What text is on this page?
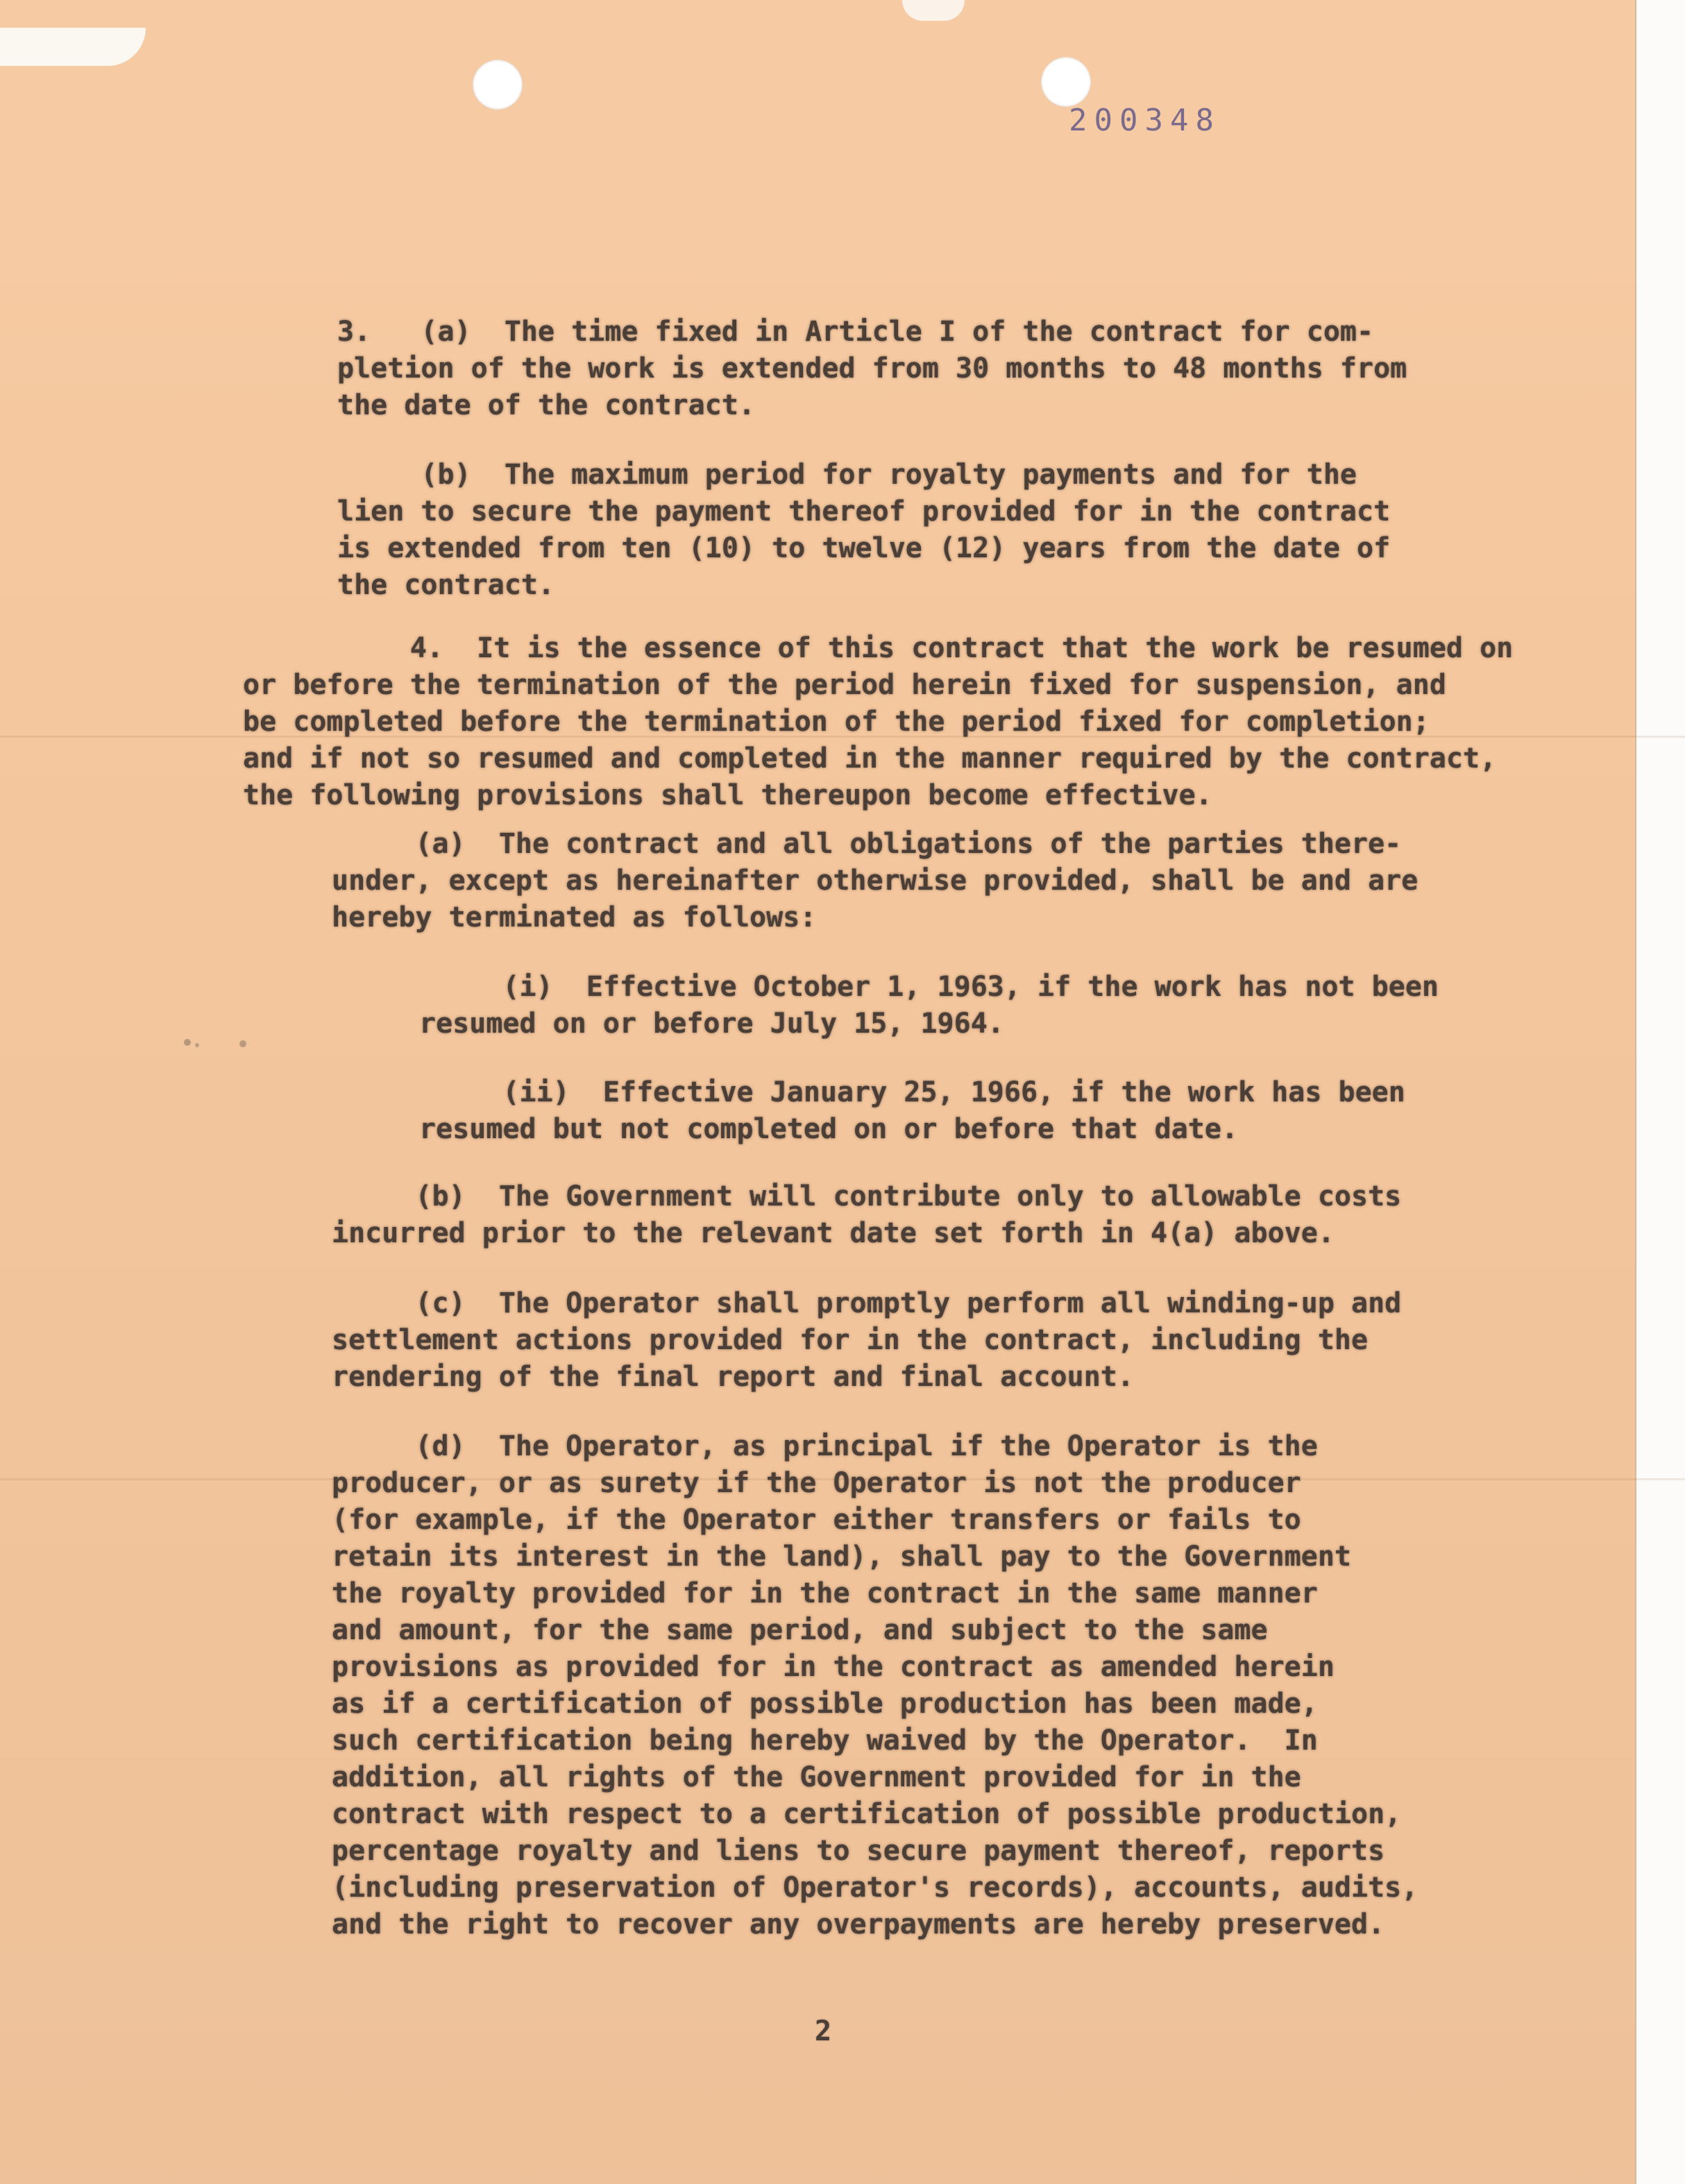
200348
3.   (a)  The time fixed in Article I of the contract for com-
pletion of the work is extended from 30 months to 48 months from
the date of the contract.
(b)  The maximum period for royalty payments and for the
lien to secure the payment thereof provided for in the contract
is extended from ten (10) to twelve (12) years from the date of
the contract.
4.  It is the essence of this contract that the work be resumed on
or before the termination of the period herein fixed for suspension, and
be completed before the termination of the period fixed for completion;
and if not so resumed and completed in the manner required by the contract,
the following provisions shall thereupon become effective.
(a)  The contract and all obligations of the parties there-
under, except as hereinafter otherwise provided, shall be and are
hereby terminated as follows:
(i)  Effective October 1, 1963, if the work has not been
resumed on or before July 15, 1964.
(ii)  Effective January 25, 1966, if the work has been
resumed but not completed on or before that date.
(b)  The Government will contribute only to allowable costs
incurred prior to the relevant date set forth in 4(a) above.
(c)  The Operator shall promptly perform all winding-up and
settlement actions provided for in the contract, including the
rendering of the final report and final account.
(d)  The Operator, as principal if the Operator is the
producer, or as surety if the Operator is not the producer
(for example, if the Operator either transfers or fails to
retain its interest in the land), shall pay to the Government
the royalty provided for in the contract in the same manner
and amount, for the same period, and subject to the same
provisions as provided for in the contract as amended herein
as if a certification of possible production has been made,
such certification being hereby waived by the Operator.  In
addition, all rights of the Government provided for in the
contract with respect to a certification of possible production,
percentage royalty and liens to secure payment thereof, reports
(including preservation of Operator's records), accounts, audits,
and the right to recover any overpayments are hereby preserved.
2
